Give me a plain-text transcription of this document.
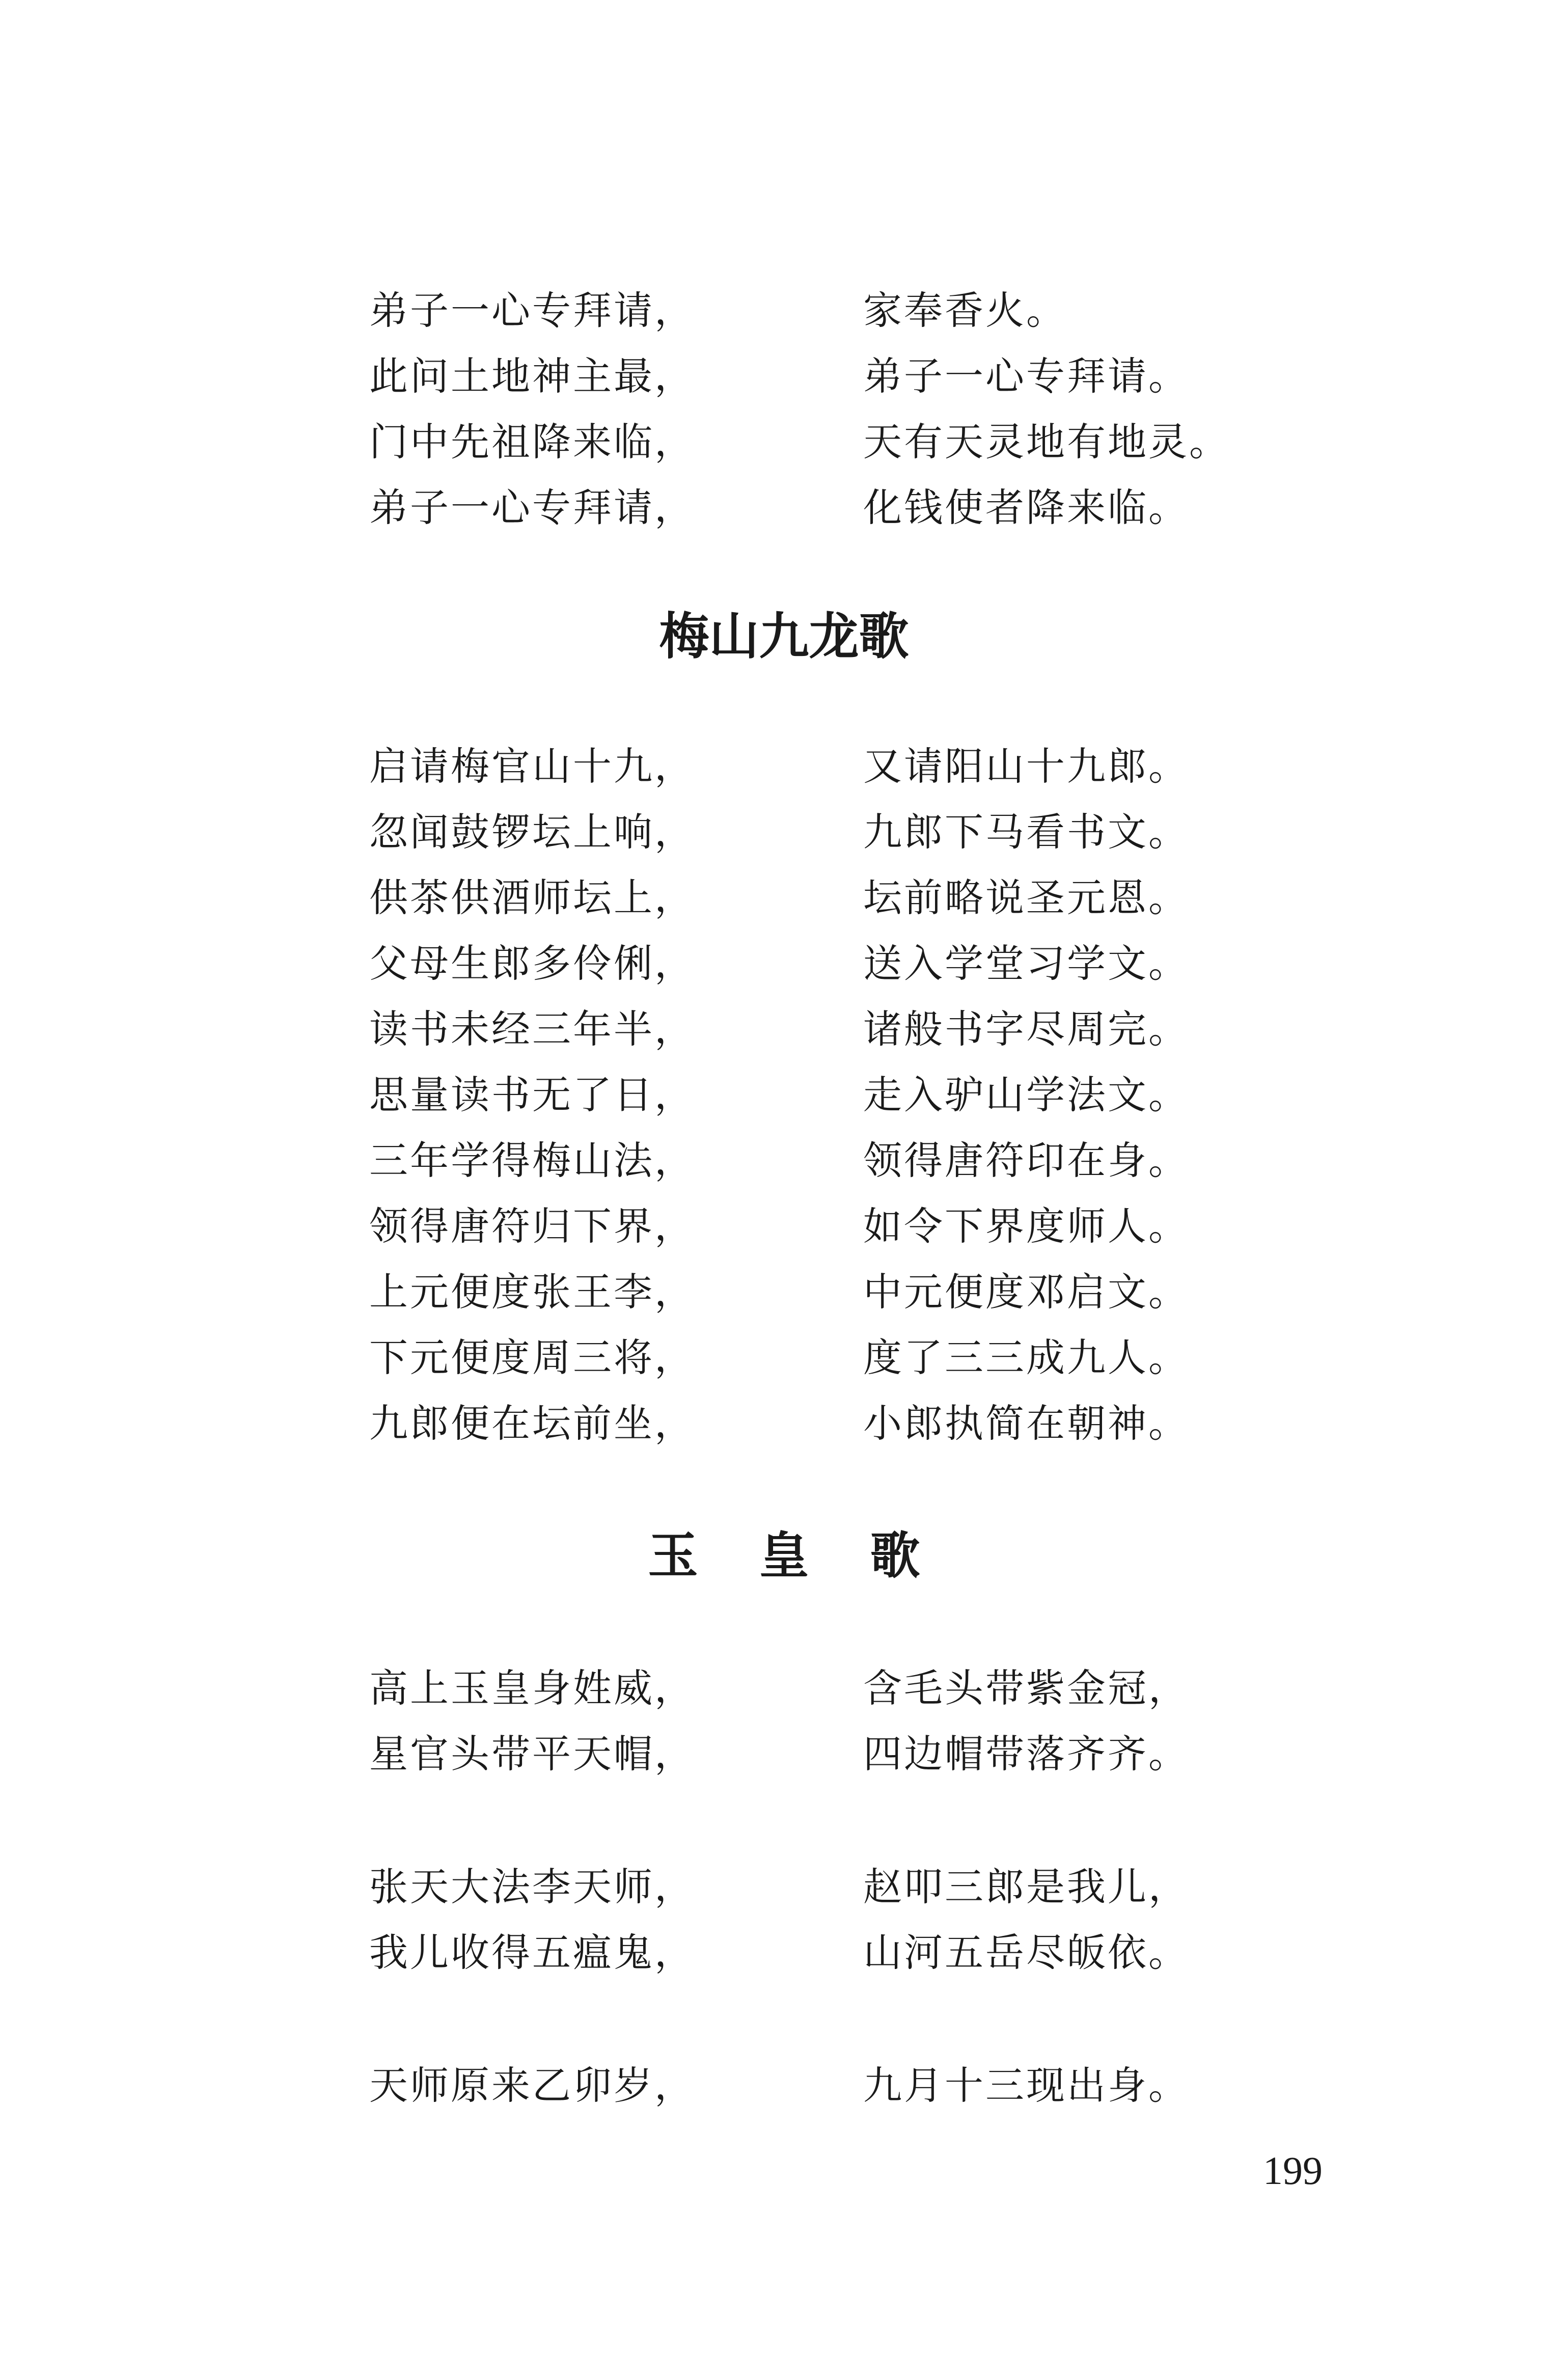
弟子一心专拜请，	家奉香火。
此问土地神主最，	弟子一心专拜请。
门中先祖降来临，	天有天灵地有地灵。
弟子一心专拜请，	化钱使者降来临。
梅山九龙歌
启请梅官山十九，	又请阳山十九郎。
忽闻鼓锣坛上响，	九郎下马看书文。
供茶供酒师坛上，	坛前略说圣元恩。
父母生郎多伶俐，	送入学堂习学文。
读书未经三年半，	诸般书字尽周完。
思量读书无了日，	走入驴山学法文。
三年学得梅山法，	领得唐符印在身。
领得唐符归下界，	如令下界度师人。
上元便度张王李，	中元便度邓启文。
下元便度周三将，	度了三三成九人。
九郎便在坛前坐，	小郎执简在朝神。
玉皇歌
高上玉皇身姓威，	含毛头带紫金冠，
星官头带平天帽，	四边帽带落齐齐。
张天大法李天师，	赵叩三郎是我儿，
我儿收得五瘟鬼，	山河五岳尽皈依。
天师原来乙卯岁，	九月十三现出身。
199
